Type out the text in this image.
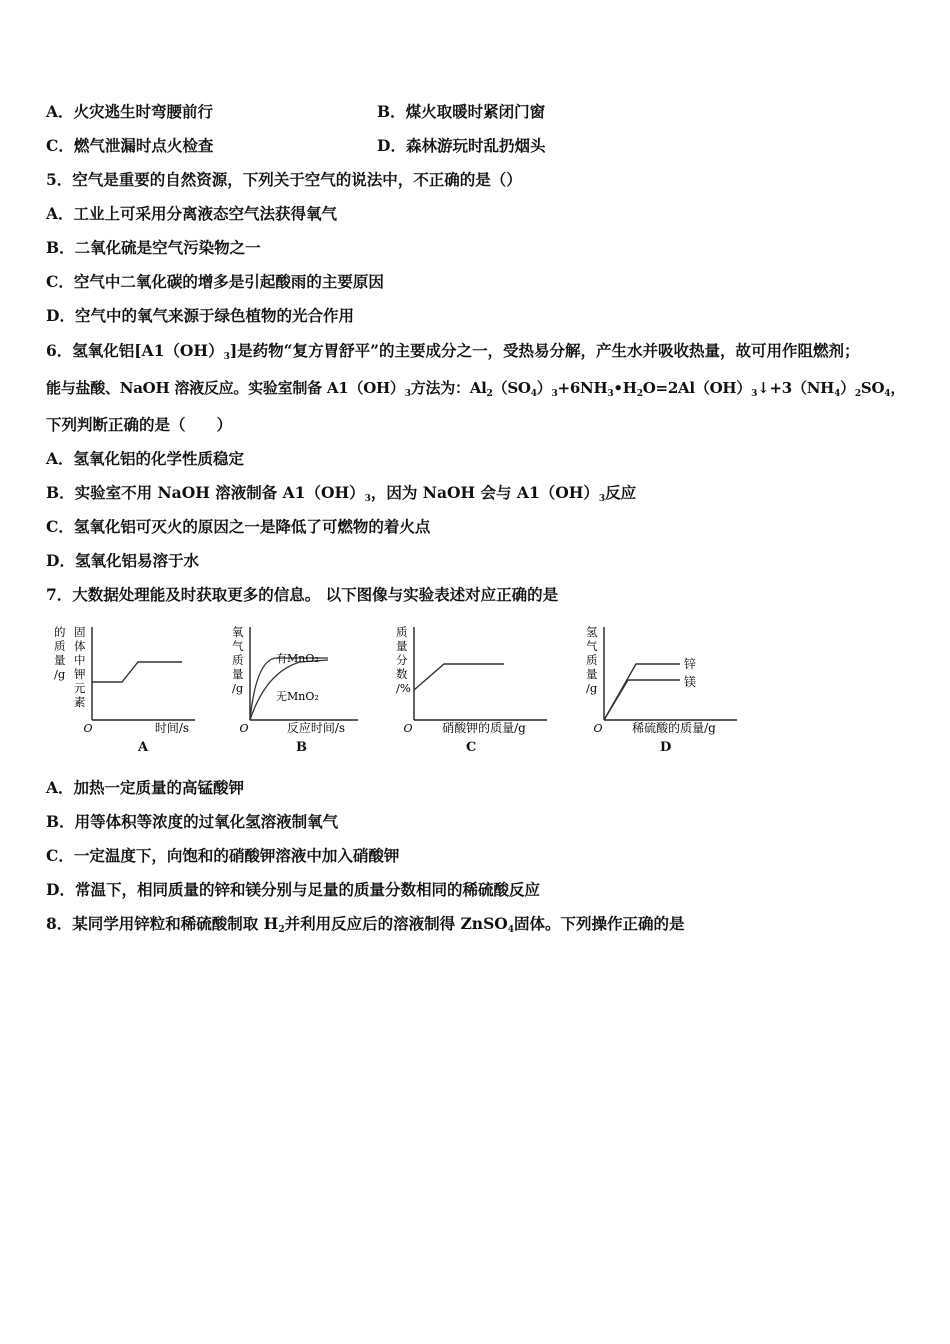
A．火灾逃生时弯腰前行	B．煤火取暖时紧闭门窗
C．燃气泄漏时点火检查	D．森林游玩时乱扔烟头
5．空气是重要的自然资源，下列关于空气的说法中，不正确的是（）
A．工业上可采用分离液态空气法获得氧气
B．二氧化硫是空气污染物之一
C．空气中二氧化碳的增多是引起酸雨的主要原因
D．空气中的氧气来源于绿色植物的光合作用
6．氢氧化铝$[A1(OH)_3]$是药物“复方胃舒平”的主要成分之一，受热易分解，产生水并吸收热量，故可用作阻燃剂；
能与盐酸、NaOH 溶液反应。实验室制备 $A1(OH)_3$方法为：$Al_2(SO_4)_3+6NH_3•H_2O=2Al(OH)_3↓+3(NH_4)_2SO_4$，
下列判断正确的是（　　）
A．氢氧化铝的化学性质稳定
B．实验室不用 NaOH 溶液制备 $A1(OH)_3$，因为 NaOH 会与 $A1(OH)_3$反应
C．氢氧化铝可灭火的原因之一是降低了可燃物的着火点
D．氢氧化铝易溶于水
7．大数据处理能及时获取更多的信息。 以下图像与实验表述对应正确的是
O	时间/s
的 质 量 /g 固 体 中 钾 元 素
A
有MnO₂
无MnO₂
O	反应时间/s
氧 气 质 量 /g
B
O 硝酸钾的质量/g
质 量 分 数 /%
C
锌
镁
O 稀硫酸的质量/g
氢 气 质 量 /g
D
A．加热一定质量的高锰酸钾
B．用等体积等浓度的过氧化氢溶液制氧气
C．一定温度下，向饱和的硝酸钾溶液中加入硝酸钾
D．常温下，相同质量的锌和镁分别与足量的质量分数相同的稀硫酸反应
8．某同学用锌粒和稀硫酸制取 $H_2$并利用反应后的溶液制得 ZnSO$_4$固体。下列操作正确的是
